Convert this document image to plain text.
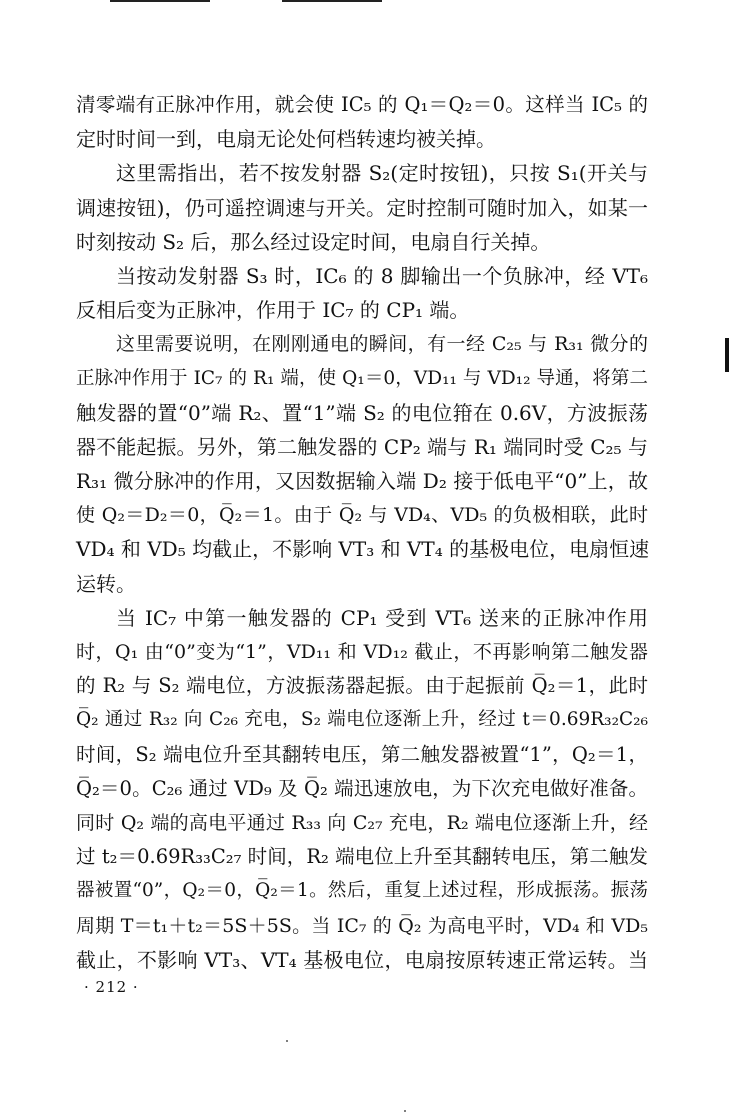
清零端有正脉冲作用，就会使 IC₅ 的 Q₁＝Q₂＝0。这样当 IC₅ 的
定时时间一到，电扇无论处何档转速均被关掉。
这里需指出，若不按发射器 S₂(定时按钮)，只按 S₁(开关与
调速按钮)，仍可遥控调速与开关。定时控制可随时加入，如某一
时刻按动 S₂ 后，那么经过设定时间，电扇自行关掉。
当按动发射器 S₃ 时，IC₆ 的 8 脚输出一个负脉冲，经 VT₆
反相后变为正脉冲，作用于 IC₇ 的 CP₁ 端。
这里需要说明，在刚刚通电的瞬间，有一经 C₂₅ 与 R₃₁ 微分的
正脉冲作用于 IC₇ 的 R₁ 端，使 Q₁＝0，VD₁₁ 与 VD₁₂ 导通，将第二
触发器的置“0”端 R₂、置“1”端 S₂ 的电位箝在 0.6V，方波振荡
器不能起振。另外，第二触发器的 CP₂ 端与 R₁ 端同时受 C₂₅ 与
R₃₁ 微分脉冲的作用，又因数据输入端 D₂ 接于低电平“0”上，故
使 Q₂＝D₂＝0，Q̅₂＝1。由于 Q̅₂ 与 VD₄、VD₅ 的负极相联，此时
VD₄ 和 VD₅ 均截止，不影响 VT₃ 和 VT₄ 的基极电位，电扇恒速
运转。
当 IC₇ 中第一触发器的 CP₁ 受到 VT₆ 送来的正脉冲作用
时，Q₁ 由“0”变为“1”，VD₁₁ 和 VD₁₂ 截止，不再影响第二触发器
的 R₂ 与 S₂ 端电位，方波振荡器起振。由于起振前 Q̅₂＝1，此时
Q̅₂ 通过 R₃₂ 向 C₂₆ 充电，S₂ 端电位逐渐上升，经过 t＝0.69R₃₂C₂₆
时间，S₂ 端电位升至其翻转电压，第二触发器被置“1”，Q₂＝1，
Q̅₂＝0。C₂₆ 通过 VD₉ 及 Q̅₂ 端迅速放电，为下次充电做好准备。
同时 Q₂ 端的高电平通过 R₃₃ 向 C₂₇ 充电，R₂ 端电位逐渐上升，经
过 t₂＝0.69R₃₃C₂₇ 时间，R₂ 端电位上升至其翻转电压，第二触发
器被置“0”，Q₂＝0，Q̅₂＝1。然后，重复上述过程，形成振荡。振荡
周期 T＝t₁＋t₂＝5S＋5S。当 IC₇ 的 Q̅₂ 为高电平时，VD₄ 和 VD₅
截止，不影响 VT₃、VT₄ 基极电位，电扇按原转速正常运转。当
· 212 ·
